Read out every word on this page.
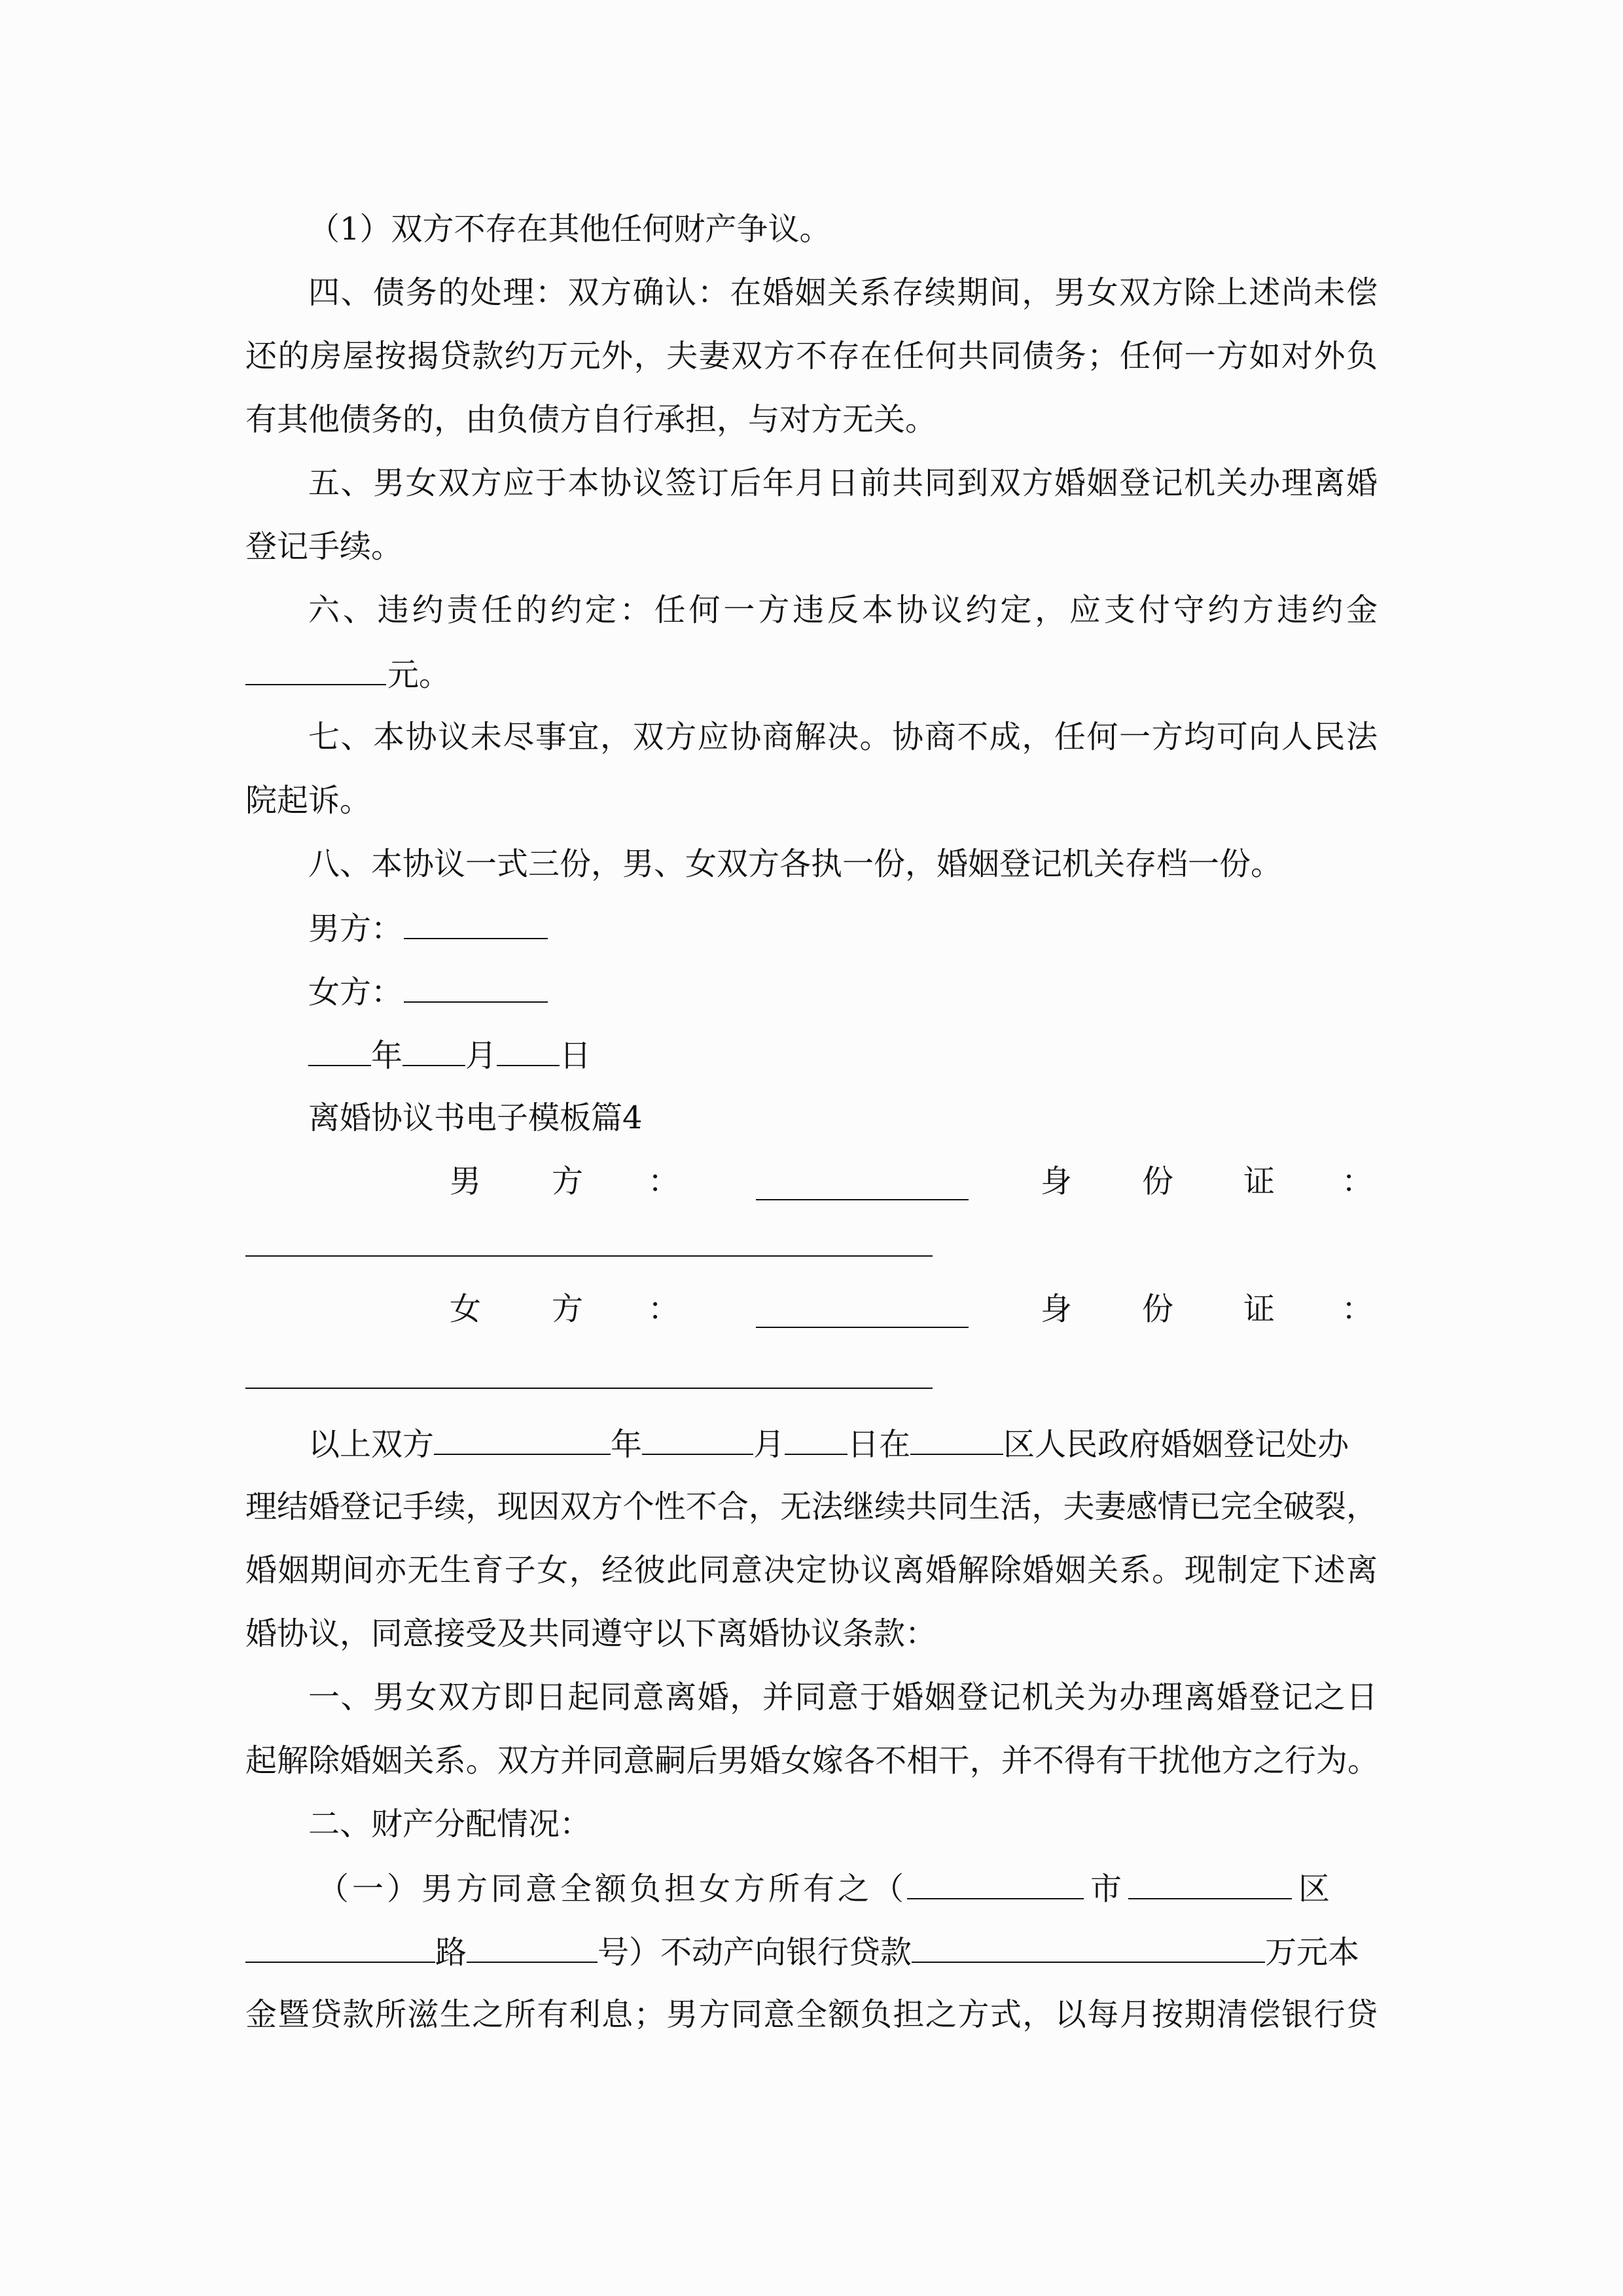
（1）双方不存在其他任何财产争议。
四、债务的处理：双方确认：在婚姻关系存续期间，男女双方除上述尚未偿
还的房屋按揭贷款约万元外，夫妻双方不存在任何共同债务；任何一方如对外负
有其他债务的，由负债方自行承担，与对方无关。
五、男女双方应于本协议签订后年月日前共同到双方婚姻登记机关办理离婚
登记手续。
六、违约责任的约定：任何一方违反本协议约定，应支付守约方违约金
元。
七、本协议未尽事宜，双方应协商解决。协商不成，任何一方均可向人民法
院起诉。
八、本协议一式三份，男、女双方各执一份，婚姻登记机关存档一份。
男方：
女方：
年 月 日
离婚协议书电子模板篇4
男 方 ：	身 份 证 ：
女 方 ：	身 份 证 ：
以上双方	年	月 日在	区人民政府婚姻登记处办
理结婚登记手续，现因双方个性不合，无法继续共同生活，夫妻感情已完全破裂，
婚姻期间亦无生育子女，经彼此同意决定协议离婚解除婚姻关系。现制定下述离
婚协议，同意接受及共同遵守以下离婚协议条款：
一、男女双方即日起同意离婚，并同意于婚姻登记机关为办理离婚登记之日
起解除婚姻关系。双方并同意嗣后男婚女嫁各不相干，并不得有干扰他方之行为。
二、财产分配情况：
（一）男方同意全额负担女方所有之（	市	区
路	号）不动产向银行贷款	万元本
金暨贷款所滋生之所有利息；男方同意全额负担之方式，以每月按期清偿银行贷
